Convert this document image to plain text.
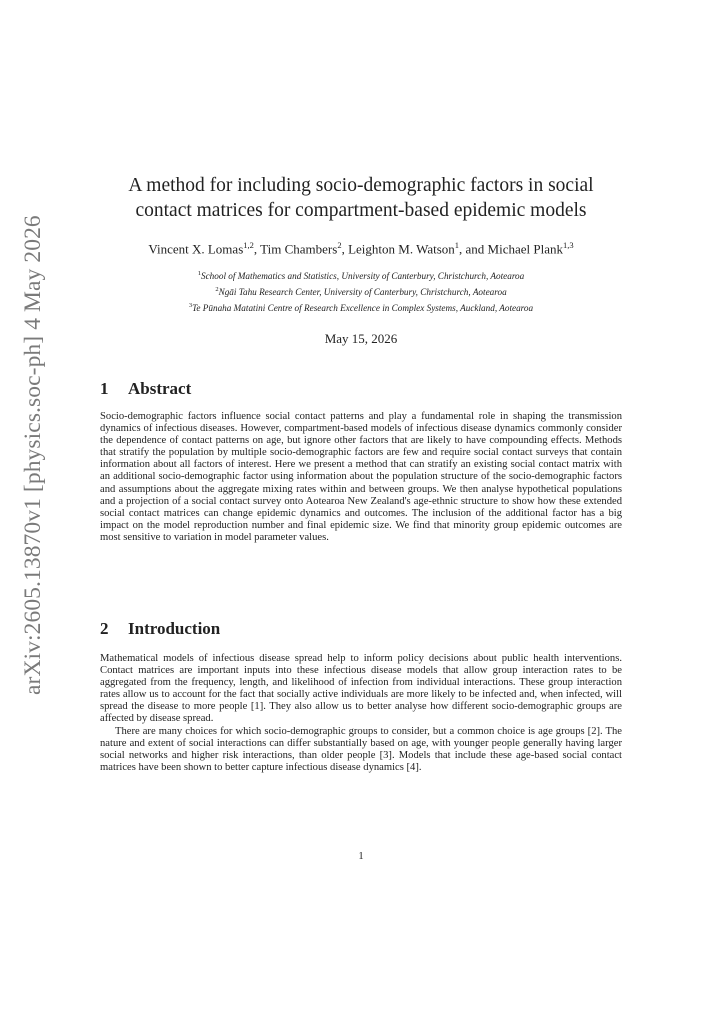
arXiv:2605.13870v1 [physics.soc-ph] 4 May 2026
A method for including socio-demographic factors in social
contact matrices for compartment-based epidemic models
Vincent X. Lomas$^{1,2}$, Tim Chambers$^2$, Leighton M. Watson$^1$, and Michael Plank$^{1,3}$
$^1$School of Mathematics and Statistics, University of Canterbury, Christchurch, Aotearoa
$^2$Ngāi Tahu Research Center, University of Canterbury, Christchurch, Aotearoa
$^3$Te Pūnaha Matatini Centre of Research Excellence in Complex Systems, Auckland, Aotearoa
May 15, 2026
1 Abstract

Socio-demographic factors influence social contact patterns and play a fundamental role in shaping the transmission dynamics of infectious diseases. However, compartment-based models of infectious disease dynamics commonly consider the dependence of contact patterns on age, but ignore other factors that are likely to have compounding effects. Methods that stratify the population by multiple socio-demographic factors are few and require social contact surveys that contain information about all factors of interest. Here we present a method that can stratify an existing social contact matrix with an additional socio-demographic factor using information about the population structure of the socio-demographic factors and assumptions about the aggregate mixing rates within and between groups. We then analyse hypothetical populations and a projection of a social contact survey onto Aotearoa New Zealand's age-ethnic structure to show how these extended social contact matrices can change epidemic dynamics and outcomes. The inclusion of the additional factor has a big impact on the model reproduction number and final epidemic size. We find that minority group epidemic outcomes are most sensitive to variation in model parameter values.

2 Introduction

Mathematical models of infectious disease spread help to inform policy decisions about public health interventions. Contact matrices are important inputs into these infectious disease models that allow group interaction rates to be aggregated from the frequency, length, and likelihood of infection from individual interactions. These group interaction rates allow us to account for the fact that socially active individuals are more likely to be infected and, when infected, will spread the disease to more people [1]. They also allow us to better analyse how different socio-demographic groups are affected by disease spread.

There are many choices for which socio-demographic groups to consider, but a common choice is age groups [2]. The nature and extent of social interactions can differ substantially based on age, with younger people generally having larger social networks and higher risk interactions, than older people [3]. Models that include these age-based social contact matrices have been shown to better capture infectious disease dynamics [4].

1
